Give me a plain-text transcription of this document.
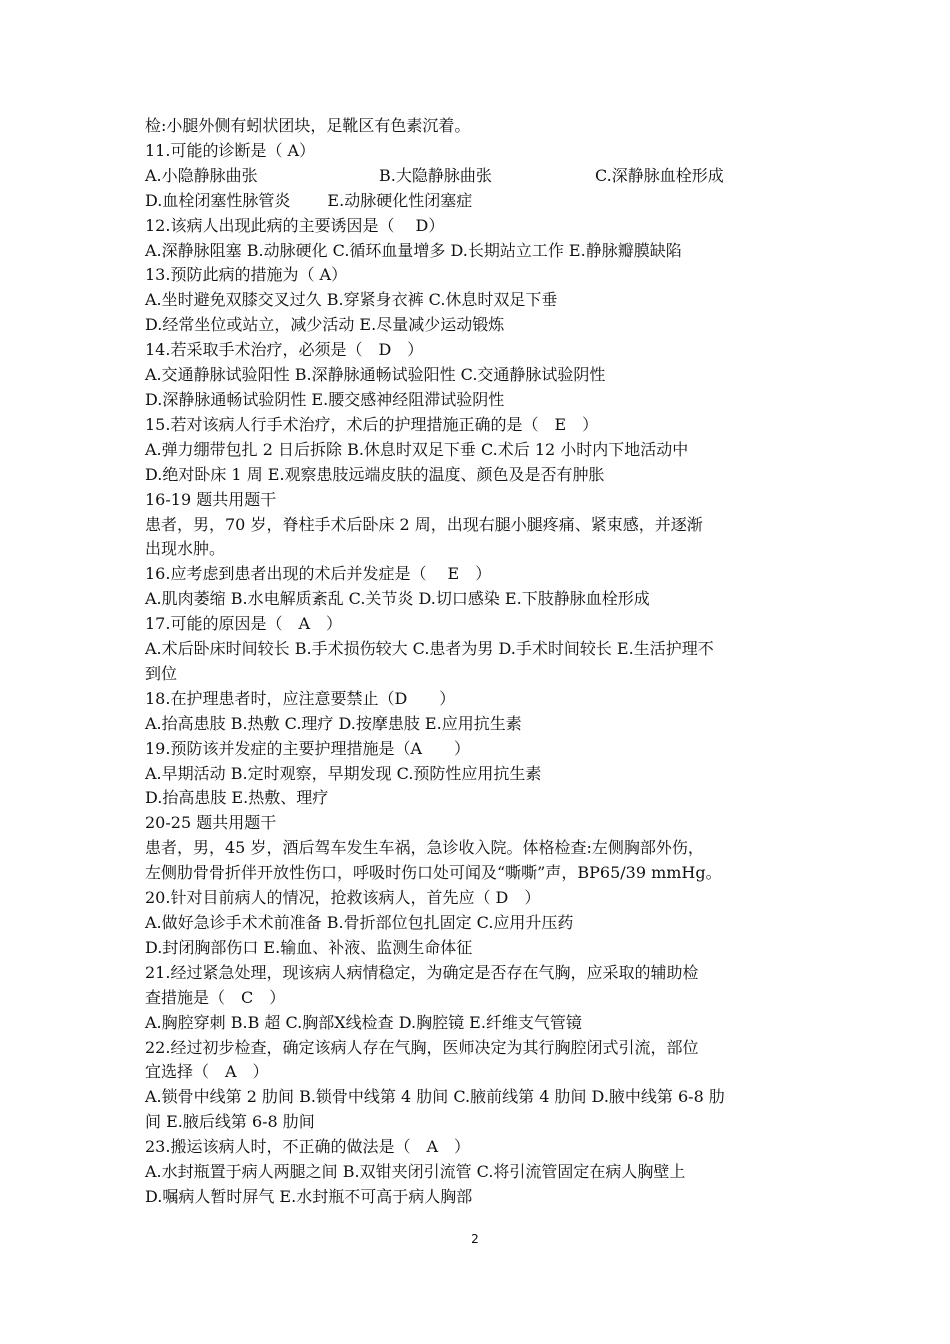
检:小腿外侧有蚓状团块，足靴区有色素沉着。
11.可能的诊断是（ A）
A.小隐静脉曲张	B.大隐静脉曲张	C.深静脉血栓形成
D.血栓闭塞性脉管炎　　 E.动脉硬化性闭塞症
12.该病人出现此病的主要诱因是（　 D）
A.深静脉阻塞 B.动脉硬化 C.循环血量增多 D.长期站立工作 E.静脉瓣膜缺陷
13.预防此病的措施为（ A）
A.坐时避免双膝交叉过久 B.穿紧身衣裤 C.休息时双足下垂
D.经常坐位或站立，减少活动 E.尽量减少运动锻炼
14.若采取手术治疗，必须是（　D　）
A.交通静脉试验阳性 B.深静脉通畅试验阳性 C.交通静脉试验阴性
D.深静脉通畅试验阴性 E.腰交感神经阻滞试验阴性
15.若对该病人行手术治疗，术后的护理措施正确的是（　E　）
A.弹力绷带包扎 2 日后拆除 B.休息时双足下垂 C.术后 12 小时内下地活动中
D.绝对卧床 1 周 E.观察患肢远端皮肤的温度、颜色及是否有肿胀
16-19 题共用题干
患者，男，70 岁，脊柱手术后卧床 2 周，出现右腿小腿疼痛、紧束感，并逐渐
出现水肿。
16.应考虑到患者出现的术后并发症是（　 E　）
A.肌肉萎缩 B.水电解质紊乱 C.关节炎 D.切口感染 E.下肢静脉血栓形成
17.可能的原因是（　A　）
A.术后卧床时间较长 B.手术损伤较大 C.患者为男 D.手术时间较长 E.生活护理不
到位
18.在护理患者时，应注意要禁止（D　　）
A.抬高患肢 B.热敷 C.理疗 D.按摩患肢 E.应用抗生素
19.预防该并发症的主要护理措施是（A　　）
A.早期活动 B.定时观察，早期发现 C.预防性应用抗生素
D.抬高患肢 E.热敷、理疗
20-25 题共用题干
患者，男，45 岁，酒后驾车发生车祸，急诊收入院。体格检查:左侧胸部外伤，
左侧肋骨骨折伴开放性伤口，呼吸时伤口处可闻及“嘶嘶”声，BP65/39 mmHg。
20.针对目前病人的情况，抢救该病人，首先应（ D　）
A.做好急诊手术术前准备 B.骨折部位包扎固定 C.应用升压药
D.封闭胸部伤口 E.输血、补液、监测生命体征
21.经过紧急处理，现该病人病情稳定，为确定是否存在气胸，应采取的辅助检
查措施是（　C　）
A.胸腔穿刺 B.B 超 C.胸部Ⅹ线检查 D.胸腔镜 E.纤维支气管镜
22.经过初步检查，确定该病人存在气胸，医师决定为其行胸腔闭式引流，部位
宜选择（　A　）
A.锁骨中线第 2 肋间 B.锁骨中线第 4 肋间 C.腋前线第 4 肋间 D.腋中线第 6-8 肋
间 E.腋后线第 6-8 肋间
23.搬运该病人时，不正确的做法是（　A　）
A.水封瓶置于病人两腿之间 B.双钳夹闭引流管 C.将引流管固定在病人胸壁上
D.嘱病人暂时屏气 E.水封瓶不可高于病人胸部
2
